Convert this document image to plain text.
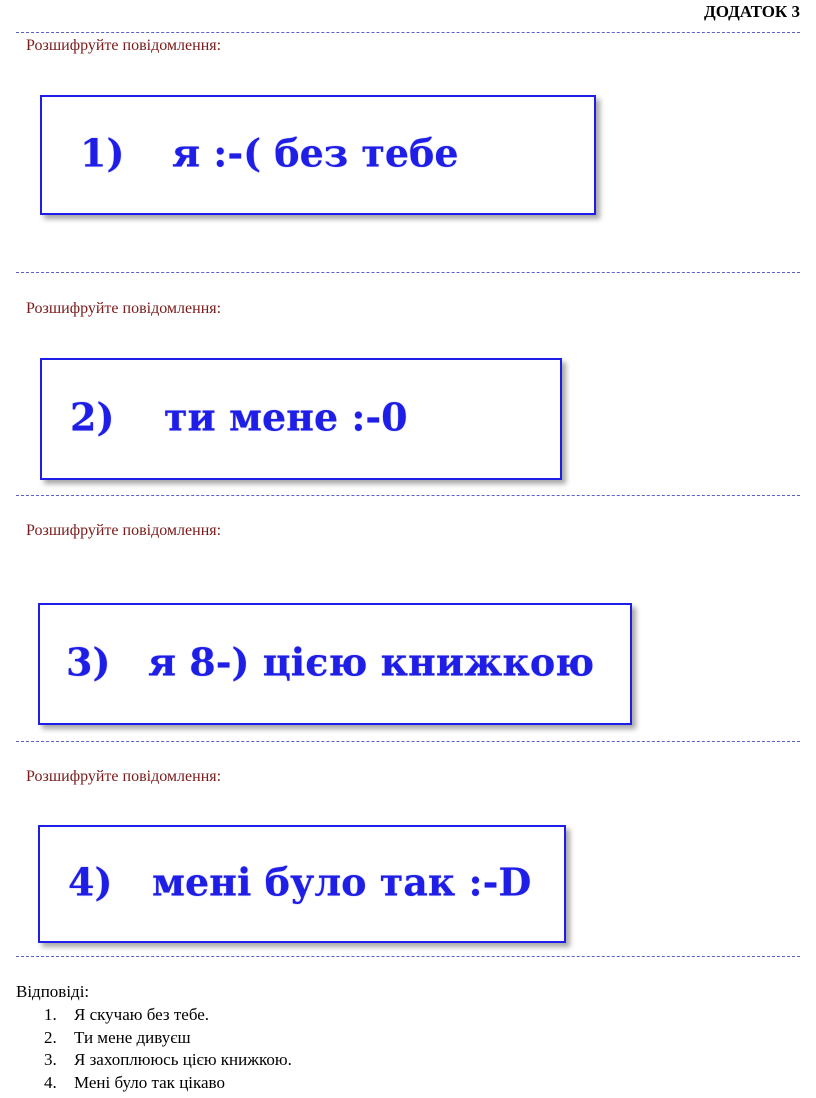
ДОДАТОК 3
Розшифруйте повідомлення:
1) я :-( без тебе
Розшифруйте повідомлення:
2) ти мене :-0
Розшифруйте повідомлення:
3) я 8-) цією книжкою
Розшифруйте повідомлення:
4) мені було так :-D
Відповіді:
1. Я скучаю без тебе.
2. Ти мене дивуєш
3. Я захоплююсь цією книжкою.
4. Мені було так цікаво
